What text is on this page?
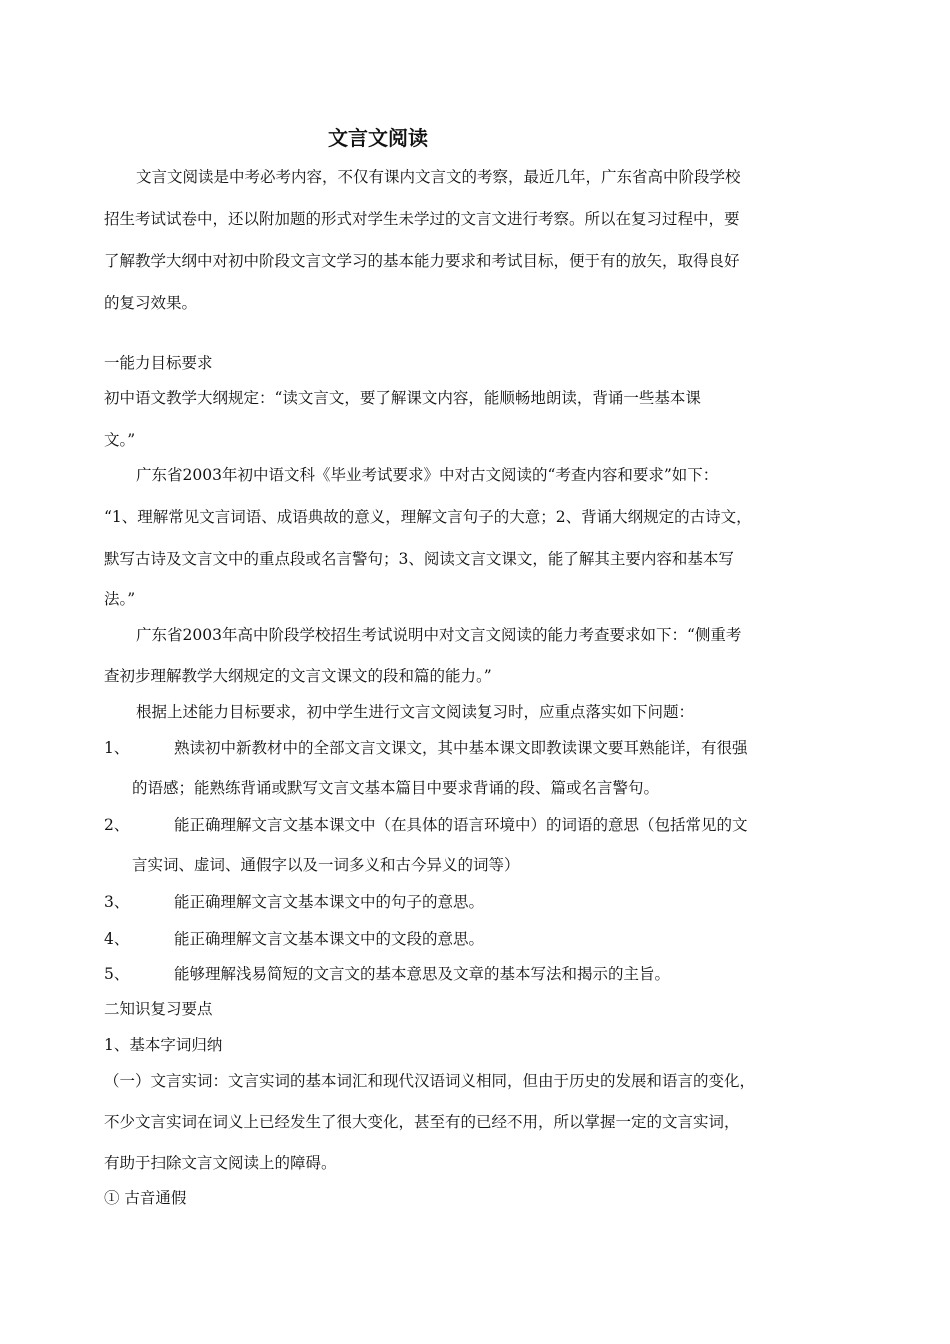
文言文阅读

文言文阅读是中考必考内容，不仅有课内文言文的考察，最近几年，广东省高中阶段学校

招生考试试卷中，还以附加题的形式对学生未学过的文言文进行考察。所以在复习过程中，要

了解教学大纲中对初中阶段文言文学习的基本能力要求和考试目标，便于有的放矢，取得良好

的复习效果。

一能力目标要求

初中语文教学大纲规定：“读文言文，要了解课文内容，能顺畅地朗读，背诵一些基本课

文。”

广东省2003年初中语文科《毕业考试要求》中对古文阅读的“考查内容和要求”如下：

“1、理解常见文言词语、成语典故的意义，理解文言句子的大意；2、背诵大纲规定的古诗文，

默写古诗及文言文中的重点段或名言警句；3、阅读文言文课文，能了解其主要内容和基本写

法。”

广东省2003年高中阶段学校招生考试说明中对文言文阅读的能力考查要求如下：“侧重考

查初步理解教学大纲规定的文言文课文的段和篇的能力。”

根据上述能力目标要求，初中学生进行文言文阅读复习时，应重点落实如下问题：

1、	熟读初中新教材中的全部文言文课文，其中基本课文即教读课文要耳熟能详，有很强

的语感；能熟练背诵或默写文言文基本篇目中要求背诵的段、篇或名言警句。

2、	能正确理解文言文基本课文中（在具体的语言环境中）的词语的意思（包括常见的文

言实词、虚词、通假字以及一词多义和古今异义的词等）

3、	能正确理解文言文基本课文中的句子的意思。

4、	能正确理解文言文基本课文中的文段的意思。

5、	能够理解浅易简短的文言文的基本意思及文章的基本写法和揭示的主旨。

二知识复习要点

1、基本字词归纳

（一）文言实词：文言实词的基本词汇和现代汉语词义相同，但由于历史的发展和语言的变化，

不少文言实词在词义上已经发生了很大变化，甚至有的已经不用，所以掌握一定的文言实词，

有助于扫除文言文阅读上的障碍。

① 古音通假
